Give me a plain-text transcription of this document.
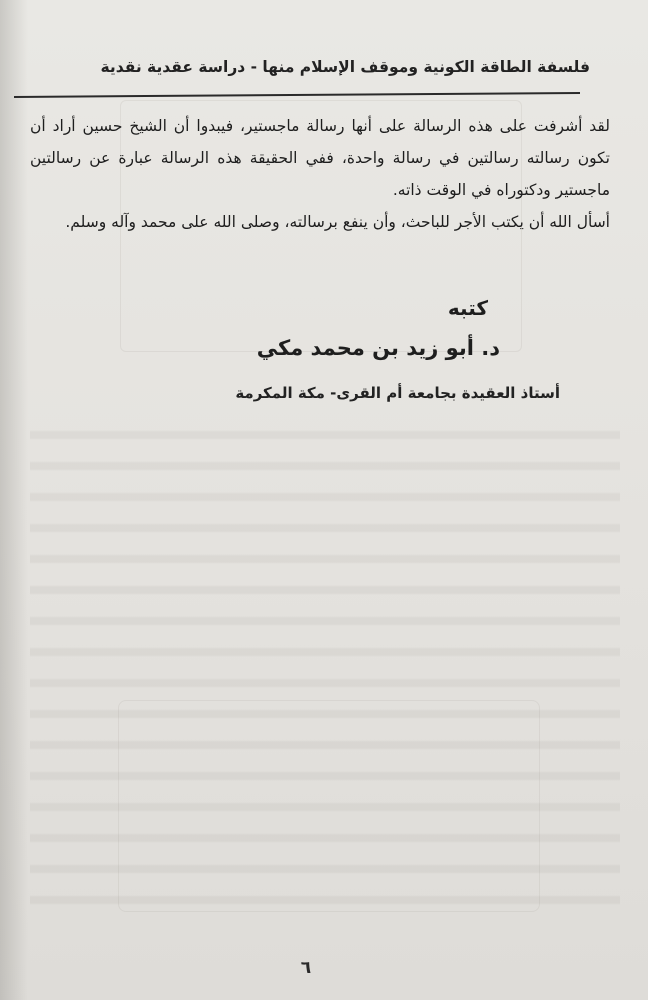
فلسفة الطاقة الكونية وموقف الإسلام منها - دراسة عقدية نقدية

لقد أشرفت على هذه الرسالة على أنها رسالة ماجستير، فيبدوا أن الشيخ حسين أراد أن تكون رسالته رسالتين في رسالة واحدة، ففي الحقيقة هذه الرسالة عبارة عن رسالتين ماجستير ودكتوراه في الوقت ذاته.

أسأل الله أن يكتب الأجر للباحث، وأن ينفع برسالته، وصلى الله على محمد وآله وسلم.

كتبه
د. أبو زيد بن محمد مكي
أستاذ العقيدة بجامعة أم القرى- مكة المكرمة
٦
